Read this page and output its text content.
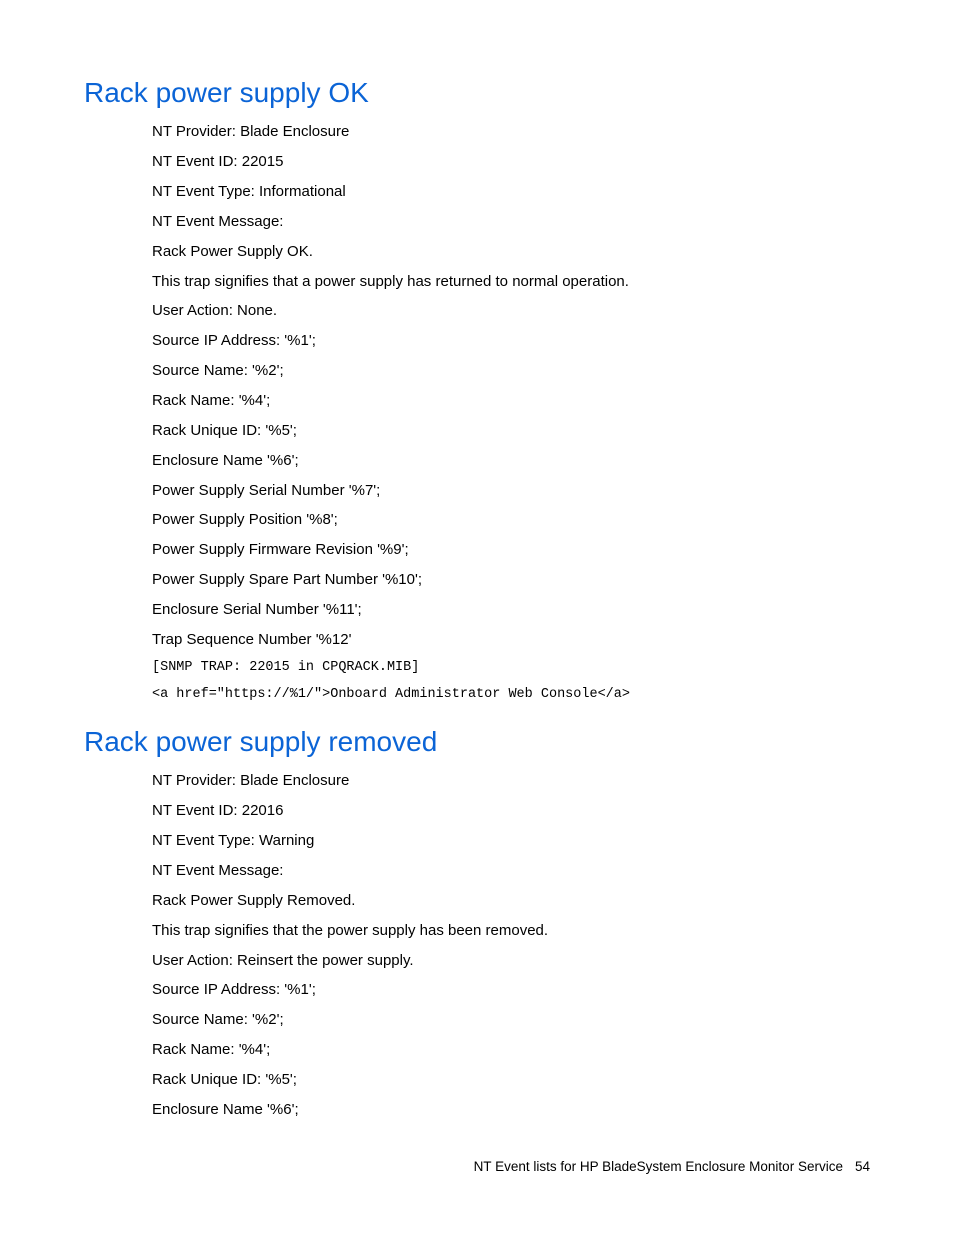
Rack power supply OK

NT Provider: Blade Enclosure

NT Event ID: 22015

NT Event Type: Informational

NT Event Message:

Rack Power Supply OK.

This trap signifies that a power supply has returned to normal operation.

User Action: None.

Source IP Address: '%1';

Source Name: '%2';

Rack Name: '%4';

Rack Unique ID: '%5';

Enclosure Name '%6';

Power Supply Serial Number '%7';

Power Supply Position '%8';

Power Supply Firmware Revision '%9';

Power Supply Spare Part Number '%10';

Enclosure Serial Number '%11';

Trap Sequence Number '%12'

[SNMP TRAP: 22015 in CPQRACK.MIB]

<a href="https://%1/">Onboard Administrator Web Console</a>

Rack power supply removed

NT Provider: Blade Enclosure

NT Event ID: 22016

NT Event Type: Warning

NT Event Message:

Rack Power Supply Removed.

This trap signifies that the power supply has been removed.

User Action: Reinsert the power supply.

Source IP Address: '%1';

Source Name: '%2';

Rack Name: '%4';

Rack Unique ID: '%5';

Enclosure Name '%6';

NT Event lists for HP BladeSystem Enclosure Monitor Service 54
